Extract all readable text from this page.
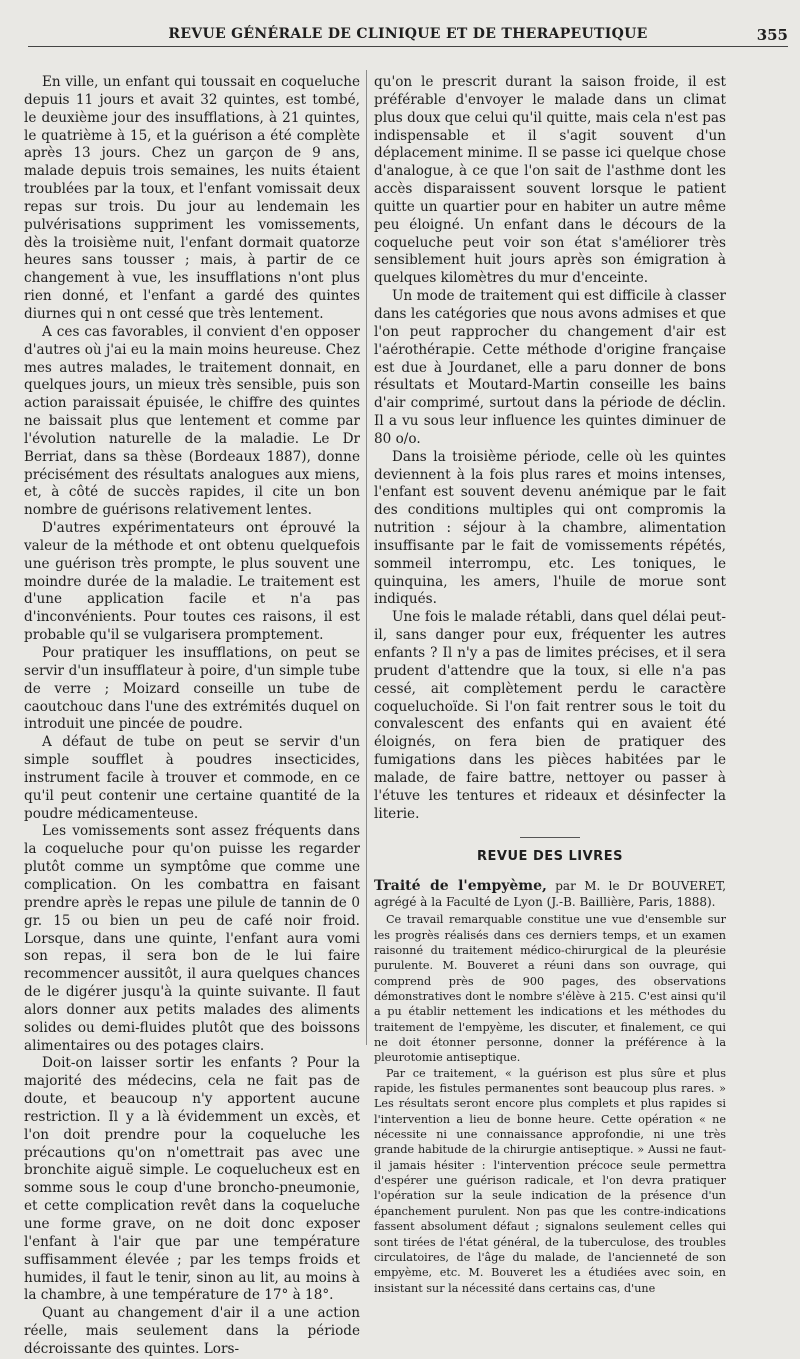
REVUE GÉNÉRALE DE CLINIQUE ET DE THERAPEUTIQUE	355

En ville, un enfant qui toussait en coqueluche depuis 11 jours et avait 32 quintes, est tombé, le deuxième jour des insufflations, à 21 quintes, le quatrième à 15, et la guérison a été complète après 13 jours. Chez un garçon de 9 ans, malade depuis trois semaines, les nuits étaient troublées par la toux, et l'enfant vomissait deux repas sur trois. Du jour au lendemain les pulvérisations suppriment les vomissements, dès la troisième nuit, l'enfant dormait quatorze heures sans tousser ; mais, à partir de ce changement à vue, les insufflations n'ont plus rien donné, et l'enfant a gardé des quintes diurnes qui n ont cessé que très lentement.

A ces cas favorables, il convient d'en opposer d'autres où j'ai eu la main moins heureuse. Chez mes autres malades, le traitement donnait, en quelques jours, un mieux très sensible, puis son action paraissait épuisée, le chiffre des quintes ne baissait plus que lentement et comme par l'évolution naturelle de la maladie. Le Dr Berriat, dans sa thèse (Bordeaux 1887), donne précisément des résultats analogues aux miens, et, à côté de succès rapides, il cite un bon nombre de guérisons relativement lentes.

D'autres expérimentateurs ont éprouvé la valeur de la méthode et ont obtenu quelquefois une guérison très prompte, le plus souvent une moindre durée de la maladie. Le traitement est d'une application facile et n'a pas d'inconvénients. Pour toutes ces raisons, il est probable qu'il se vulgarisera promptement.

Pour pratiquer les insufflations, on peut se servir d'un insufflateur à poire, d'un simple tube de verre ; Moizard conseille un tube de caoutchouc dans l'une des extrémités duquel on introduit une pincée de poudre.

A défaut de tube on peut se servir d'un simple soufflet à poudres insecticides, instrument facile à trouver et commode, en ce qu'il peut contenir une certaine quantité de la poudre médicamenteuse.

Les vomissements sont assez fréquents dans la coqueluche pour qu'on puisse les regarder plutôt comme un symptôme que comme une complication. On les combattra en faisant prendre après le repas une pilule de tannin de 0 gr. 15 ou bien un peu de café noir froid. Lorsque, dans une quinte, l'enfant aura vomi son repas, il sera bon de le lui faire recommencer aussitôt, il aura quelques chances de le digérer jusqu'à la quinte suivante. Il faut alors donner aux petits malades des aliments solides ou demi-fluides plutôt que des boissons alimentaires ou des potages clairs.

Doit-on laisser sortir les enfants ? Pour la majorité des médecins, cela ne fait pas de doute, et beaucoup n'y apportent aucune restriction. Il y a là évidemment un excès, et l'on doit prendre pour la coqueluche les précautions qu'on n'omettrait pas avec une bronchite aiguë simple. Le coquelucheux est en somme sous le coup d'une broncho-pneumonie, et cette complication revêt dans la coqueluche une forme grave, on ne doit donc exposer l'enfant à l'air que par une température suffisamment élevée ; par les temps froids et humides, il faut le tenir, sinon au lit, au moins à la chambre, à une température de 17° à 18°.

Quant au changement d'air il a une action réelle, mais seulement dans la période décroissante des quintes. Lors-

qu'on le prescrit durant la saison froide, il est préférable d'envoyer le malade dans un climat plus doux que celui qu'il quitte, mais cela n'est pas indispensable et il s'agit souvent d'un déplacement minime. Il se passe ici quelque chose d'analogue, à ce que l'on sait de l'asthme dont les accès disparaissent souvent lorsque le patient quitte un quartier pour en habiter un autre même peu éloigné. Un enfant dans le décours de la coqueluche peut voir son état s'améliorer très sensiblement huit jours après son émigration à quelques kilomètres du mur d'enceinte.

Un mode de traitement qui est difficile à classer dans les catégories que nous avons admises et que l'on peut rapprocher du changement d'air est l'aérothérapie. Cette méthode d'origine française est due à Jourdanet, elle a paru donner de bons résultats et Moutard-Martin conseille les bains d'air comprimé, surtout dans la période de déclin. Il a vu sous leur influence les quintes diminuer de 80 o/o.

Dans la troisième période, celle où les quintes deviennent à la fois plus rares et moins intenses, l'enfant est souvent devenu anémique par le fait des conditions multiples qui ont compromis la nutrition : séjour à la chambre, alimentation insuffisante par le fait de vomissements répétés, sommeil interrompu, etc. Les toniques, le quinquina, les amers, l'huile de morue sont indiqués.

Une fois le malade rétabli, dans quel délai peut-il, sans danger pour eux, fréquenter les autres enfants ? Il n'y a pas de limites précises, et il sera prudent d'attendre que la toux, si elle n'a pas cessé, ait complètement perdu le caractère coqueluchoïde. Si l'on fait rentrer sous le toit du convalescent des enfants qui en avaient été éloignés, on fera bien de pratiquer des fumigations dans les pièces habitées par le malade, de faire battre, nettoyer ou passer à l'étuve les tentures et rideaux et désinfecter la literie.

REVUE DES LIVRES

Traité de l'empyème, par M. le Dr BOUVERET, agrégé à la Faculté de Lyon (J.-B. Baillière, Paris, 1888).

Ce travail remarquable constitue une vue d'ensemble sur les progrès réalisés dans ces derniers temps, et un examen raisonné du traitement médico-chirurgical de la pleurésie purulente. M. Bouveret a réuni dans son ouvrage, qui comprend près de 900 pages, des observations démonstratives dont le nombre s'élève à 215. C'est ainsi qu'il a pu établir nettement les indications et les méthodes du traitement de l'empyème, les discuter, et finalement, ce qui ne doit étonner personne, donner la préférence à la pleurotomie antiseptique.

Par ce traitement, « la guérison est plus sûre et plus rapide, les fistules permanentes sont beaucoup plus rares. » Les résultats seront encore plus complets et plus rapides si l'intervention a lieu de bonne heure. Cette opération « ne nécessite ni une connaissance approfondie, ni une très grande habitude de la chirurgie antiseptique. » Aussi ne faut-il jamais hésiter : l'intervention précoce seule permettra d'espérer une guérison radicale, et l'on devra pratiquer l'opération sur la seule indication de la présence d'un épanchement purulent. Non pas que les contre-indications fassent absolument défaut ; signalons seulement celles qui sont tirées de l'état général, de la tuberculose, des troubles circulatoires, de l'âge du malade, de l'ancienneté de son empyème, etc. M. Bouveret les a étudiées avec soin, en insistant sur la nécessité dans certains cas, d'une
